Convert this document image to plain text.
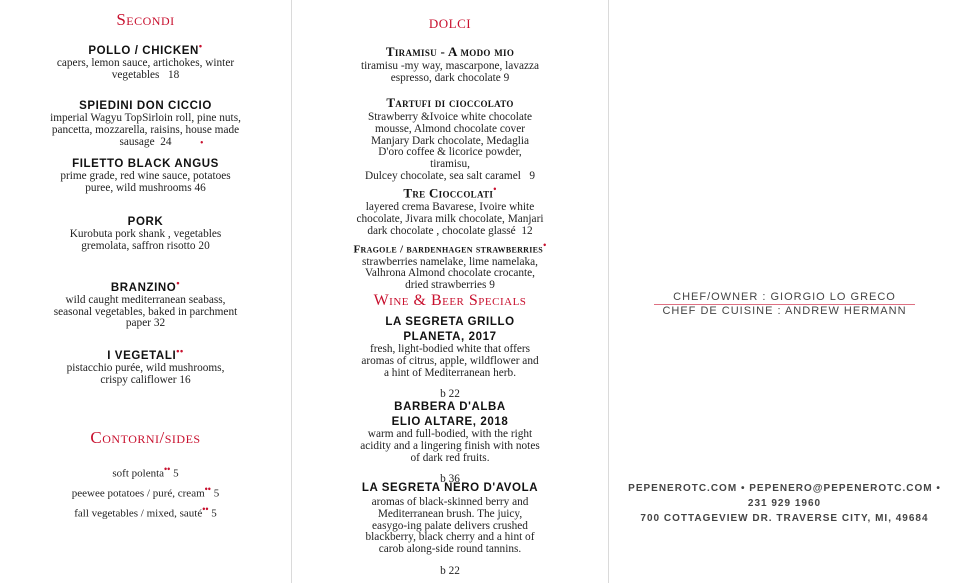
Secondi
POLLO / CHICKEN•
capers, lemon sauce, artichokes, winter vegetables 18
SPIEDINI DON CICCIO
imperial Wagyu TopSirloin roll, pine nuts, pancetta, mozzarella, raisins, house made sausage 24	•
FILETTO BLACK ANGUS
prime grade, red wine sauce, potatoes puree, wild mushrooms 46
PORK
Kurobuta pork shank , vegetables gremolata, saffron risotto 20
BRANZINO•
wild caught mediterranean seabass, seasonal vegetables, baked in parchment paper 32
I VEGETALI••
pistacchio purée, wild mushrooms, crispy califlower 16
Contorni/sides
soft polenta•• 5
peewee potatoes / puré, cream•• 5
fall vegetables / mixed, sauté•• 5
dolci
Tiramisu - A modo mio
tiramisu -my way, mascarpone, lavazza espresso, dark chocolate 9
Tartufi di cioccolato
Strawberry &Ivoice white chocolate
mousse, Almond chocolate cover
Manjary Dark chocolate, Medaglia
D'oro coffee & licorice powder,
tiramisu,
Dulcey chocolate, sea salt caramel 9
Tre Cioccolati•
layered crema Bavarese, Ivoire white chocolate, Jivara milk chocolate, Manjari dark chocolate , chocolate glassé 12
Fragole / bardenhagen strawberries•
strawberries namelake, lime namelaka, Valhrona Almond chocolate crocante, dried strawberries 9
Wine & Beer Specials
LA SEGRETA GRILLO
PLANETA, 2017
fresh, light-bodied white that offers aromas of citrus, apple, wildflower and a hint of Mediterranean herb.
b 22
BARBERA D'ALBA
ELIO ALTARE, 2018
warm and full-bodied, with the right acidity and a lingering finish with notes of dark red fruits.
b 36
LA SEGRETA NERO D'AVOLA
aromas of black-skinned berry and Mediterranean brush. The juicy, easygo-ing palate delivers crushed blackberry, black cherry and a hint of carob along-side round tannins.
b 22
CHEF/OWNER : GIORGIO LO GRECO
CHEF DE CUISINE : ANDREW HERMANN
PEPENEROTC.COM • PEPENERO@PEPENEROTC.COM •
231 929 1960
700 COTTAGEVIEW DR. TRAVERSE CITY, MI, 49684
